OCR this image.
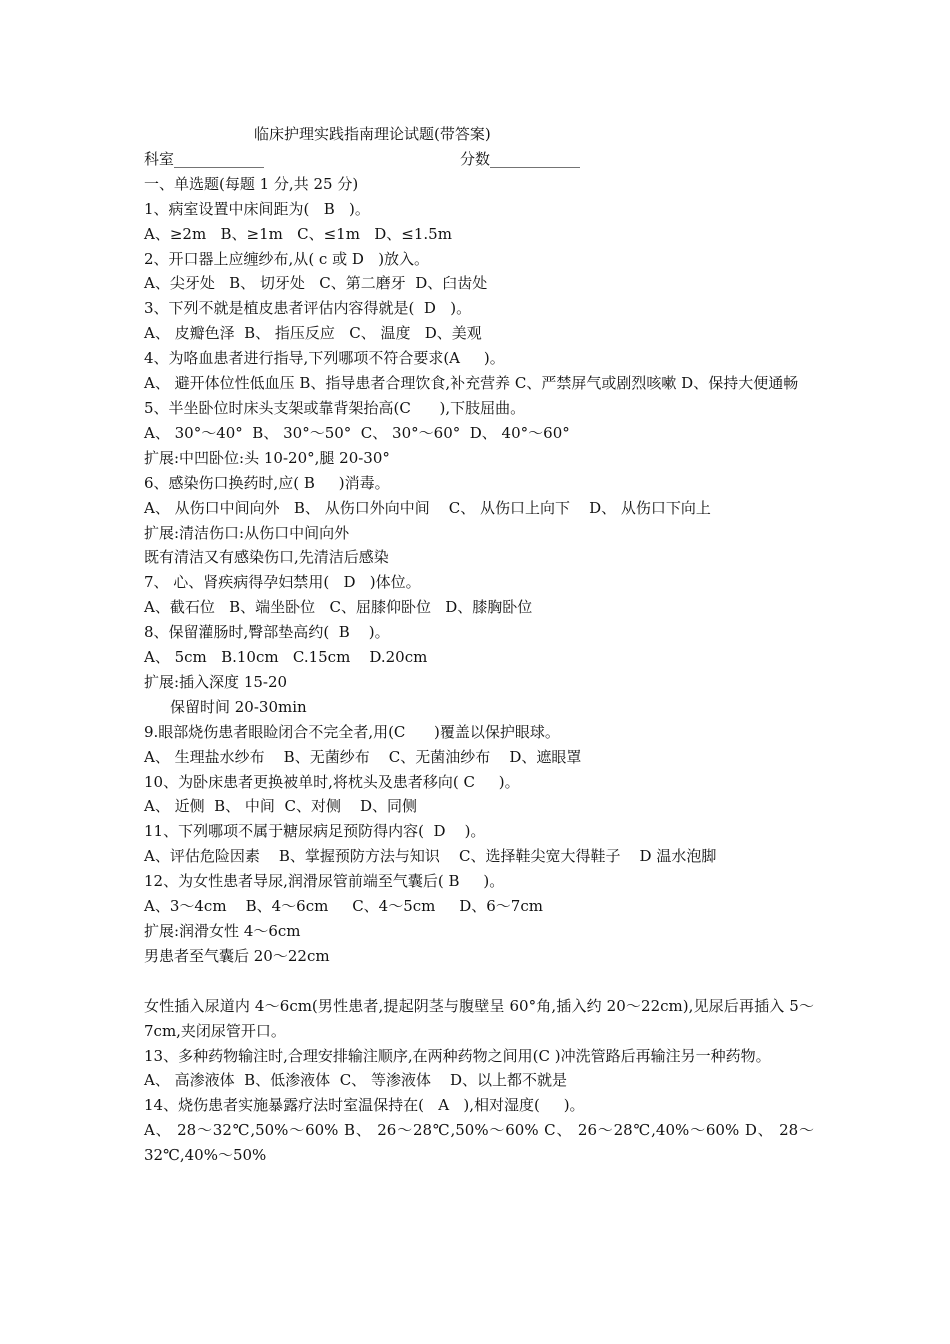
临床护理实践指南理论试题(带答案)

科室____________	分数____________

一、单选题(每题 1 分,共 25 分)

1、病室设置中床间距为(   B   )。

A、≥2m   B、≥1m   C、≤1m   D、≤1.5m

2、开口器上应缠纱布,从( c 或 D   )放入。

A、尖牙处   B、 切牙处   C、第二磨牙  D、臼齿处

3、下列不就是植皮患者评估内容得就是(  D   )。

A、 皮瓣色泽  B、 指压反应   C、 温度   D、美观

4、为咯血患者进行指导,下列哪项不符合要求(A     )。

A、 避开体位性低血压 B、指导患者合理饮食,补充营养 C、严禁屏气或剧烈咳嗽 D、保持大便通畅

5、半坐卧位时床头支架或靠背架抬高(C      ),下肢屈曲。

A、 30°～40°  B、 30°～50°  C、 30°～60°  D、 40°～60°

扩展:中凹卧位:头 10-20°,腿 20-30°

6、感染伤口换药时,应( B     )消毒。

A、 从伤口中间向外   B、 从伤口外向中间    C、 从伤口上向下    D、 从伤口下向上

扩展:清洁伤口:从伤口中间向外

既有清洁又有感染伤口,先清洁后感染

7、 心、肾疾病得孕妇禁用(   D   )体位。

A、截石位   B、端坐卧位   C、屈膝仰卧位   D、膝胸卧位

8、保留灌肠时,臀部垫高约(  B    )。

A、 5cm   B.10cm   C.15cm    D.20cm

扩展:插入深度 15-20

保留时间 20-30min

9.眼部烧伤患者眼睑闭合不完全者,用(C      )覆盖以保护眼球。

A、 生理盐水纱布    B、无菌纱布    C、无菌油纱布    D、遮眼罩

10、为卧床患者更换被单时,将枕头及患者移向( C     )。

A、 近侧  B、 中间  C、对侧    D、同侧

11、下列哪项不属于糖尿病足预防得内容(  D    )。

A、评估危险因素    B、掌握预防方法与知识    C、选择鞋尖宽大得鞋子    D 温水泡脚

12、为女性患者导尿,润滑尿管前端至气囊后( B     )。

A、3～4cm    B、4～6cm     C、4～5cm     D、6～7cm

扩展:润滑女性 4～6cm

男患者至气囊后 20～22cm

女性插入尿道内 4～6cm(男性患者,提起阴茎与腹壁呈 60°角,插入约 20～22cm),见尿后再插入 5～7cm,夹闭尿管开口。

13、多种药物输注时,合理安排输注顺序,在两种药物之间用(C )冲洗管路后再输注另一种药物。

A、 高渗液体  B、低渗液体  C、 等渗液体    D、以上都不就是

14、烧伤患者实施暴露疗法时室温保持在(   A   ),相对湿度(     )。

A、 28～32℃,50%～60% B、 26～28℃,50%～60% C、 26～28℃,40%～60% D、 28～32℃,40%～50%
